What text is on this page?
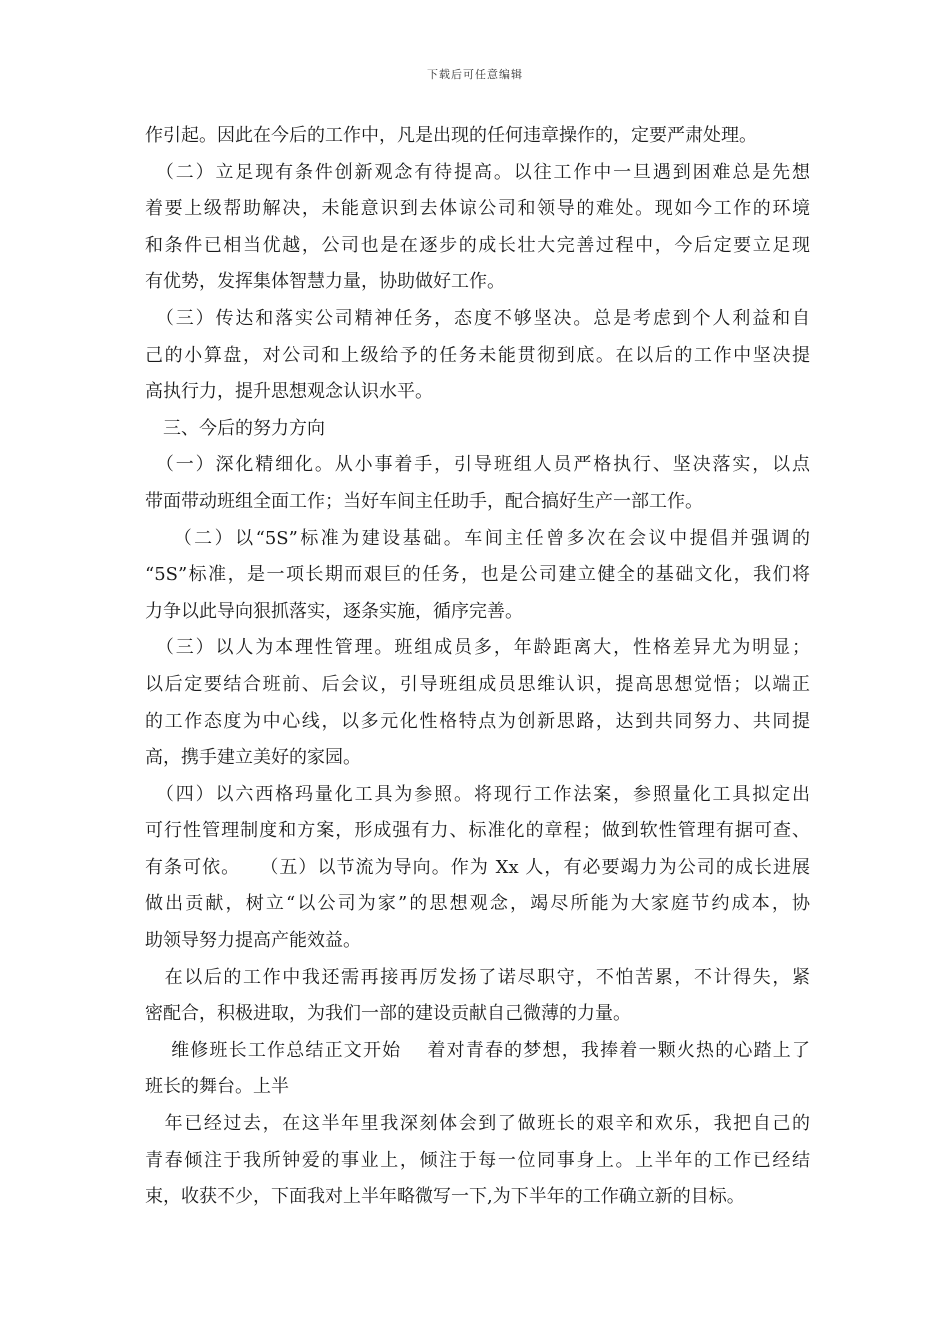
下载后可任意编辑
作引起。因此在今后的工作中，凡是出现的任何违章操作的，定要严肃处理。
　（二）立足现有条件创新观念有待提高。以往工作中一旦遇到困难总是先想
着要上级帮助解决，未能意识到去体谅公司和领导的难处。现如今工作的环境
和条件已相当优越，公司也是在逐步的成长壮大完善过程中，今后定要立足现
有优势，发挥集体智慧力量，协助做好工作。
　（三）传达和落实公司精神任务，态度不够坚决。总是考虑到个人利益和自
己的小算盘，对公司和上级给予的任务未能贯彻到底。在以后的工作中坚决提
高执行力，提升思想观念认识水平。
　三、今后的努力方向
　（一）深化精细化。从小事着手，引导班组人员严格执行、坚决落实，以点
带面带动班组全面工作；当好车间主任助手，配合搞好生产一部工作。
　 （二）以“5S”标准为建设基础。车间主任曾多次在会议中提倡并强调的
“5S”标准，是一项长期而艰巨的任务，也是公司建立健全的基础文化，我们将
力争以此导向狠抓落实，逐条实施，循序完善。
　（三）以人为本理性管理。班组成员多，年龄距离大，性格差异尤为明显；
以后定要结合班前、后会议，引导班组成员思维认识，提高思想觉悟；以端正
的工作态度为中心线，以多元化性格特点为创新思路，达到共同努力、共同提
高，携手建立美好的家园。
　（四）以六西格玛量化工具为参照。将现行工作法案，参照量化工具拟定出
可行性管理制度和方案，形成强有力、标准化的章程；做到软性管理有据可查、
有条可依。　　（五）以节流为导向。作为 Xx 人，有必要竭力为公司的成长进展
做出贡献，树立“以公司为家”的思想观念，竭尽所能为大家庭节约成本，协
助领导努力提高产能效益。
　在以后的工作中我还需再接再厉发扬了诺尽职守，不怕苦累，不计得失，紧
密配合，积极进取，为我们一部的建设贡献自己微薄的力量。
　 维修班长工作总结正文开始　 着对青春的梦想，我捧着一颗火热的心踏上了
班长的舞台。上半
　年已经过去，在这半年里我深刻体会到了做班长的艰辛和欢乐，我把自己的
青春倾注于我所钟爱的事业上，倾注于每一位同事身上。上半年的工作已经结
束，收获不少，下面我对上半年略微写一下,为下半年的工作确立新的目标。
